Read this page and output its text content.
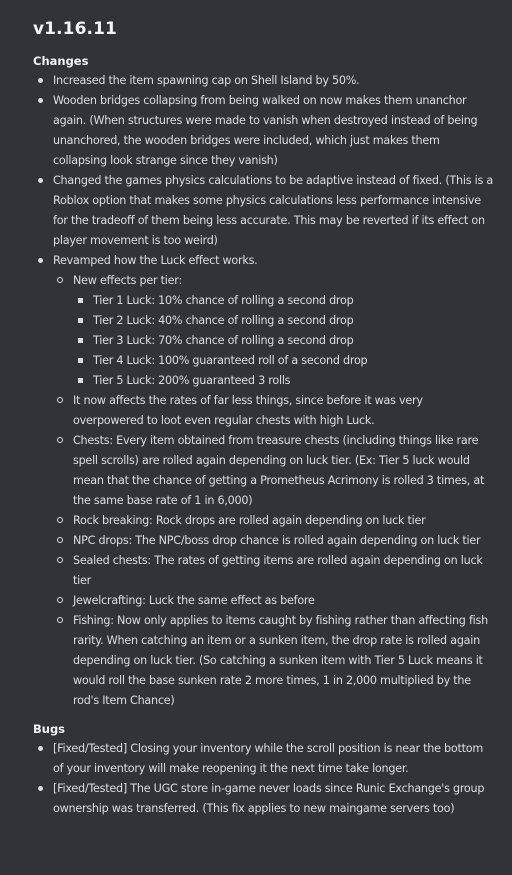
v1.16.11
Changes
Increased the item spawning cap on Shell Island by 50%.
Wooden bridges collapsing from being walked on now makes them unanchor again. (When structures were made to vanish when destroyed instead of being unanchored, the wooden bridges were included, which just makes them collapsing look strange since they vanish)
Changed the games physics calculations to be adaptive instead of fixed. (This is a Roblox option that makes some physics calculations less performance intensive for the tradeoff of them being less accurate. This may be reverted if its effect on player movement is too weird)
Revamped how the Luck effect works.
New effects per tier:
Tier 1 Luck: 10% chance of rolling a second drop
Tier 2 Luck: 40% chance of rolling a second drop
Tier 3 Luck: 70% chance of rolling a second drop
Tier 4 Luck: 100% guaranteed roll of a second drop
Tier 5 Luck: 200% guaranteed 3 rolls
It now affects the rates of far less things, since before it was very overpowered to loot even regular chests with high Luck.
Chests: Every item obtained from treasure chests (including things like rare spell scrolls) are rolled again depending on luck tier. (Ex: Tier 5 luck would mean that the chance of getting a Prometheus Acrimony is rolled 3 times, at the same base rate of 1 in 6,000)
Rock breaking: Rock drops are rolled again depending on luck tier
NPC drops: The NPC/boss drop chance is rolled again depending on luck tier
Sealed chests: The rates of getting items are rolled again depending on luck tier
Jewelcrafting: Luck the same effect as before
Fishing: Now only applies to items caught by fishing rather than affecting fish rarity. When catching an item or a sunken item, the drop rate is rolled again depending on luck tier. (So catching a sunken item with Tier 5 Luck means it would roll the base sunken rate 2 more times, 1 in 2,000 multiplied by the rod's Item Chance)
Bugs
[Fixed/Tested] Closing your inventory while the scroll position is near the bottom of your inventory will make reopening it the next time take longer.
[Fixed/Tested] The UGC store in-game never loads since Runic Exchange's group ownership was transferred. (This fix applies to new maingame servers too)
